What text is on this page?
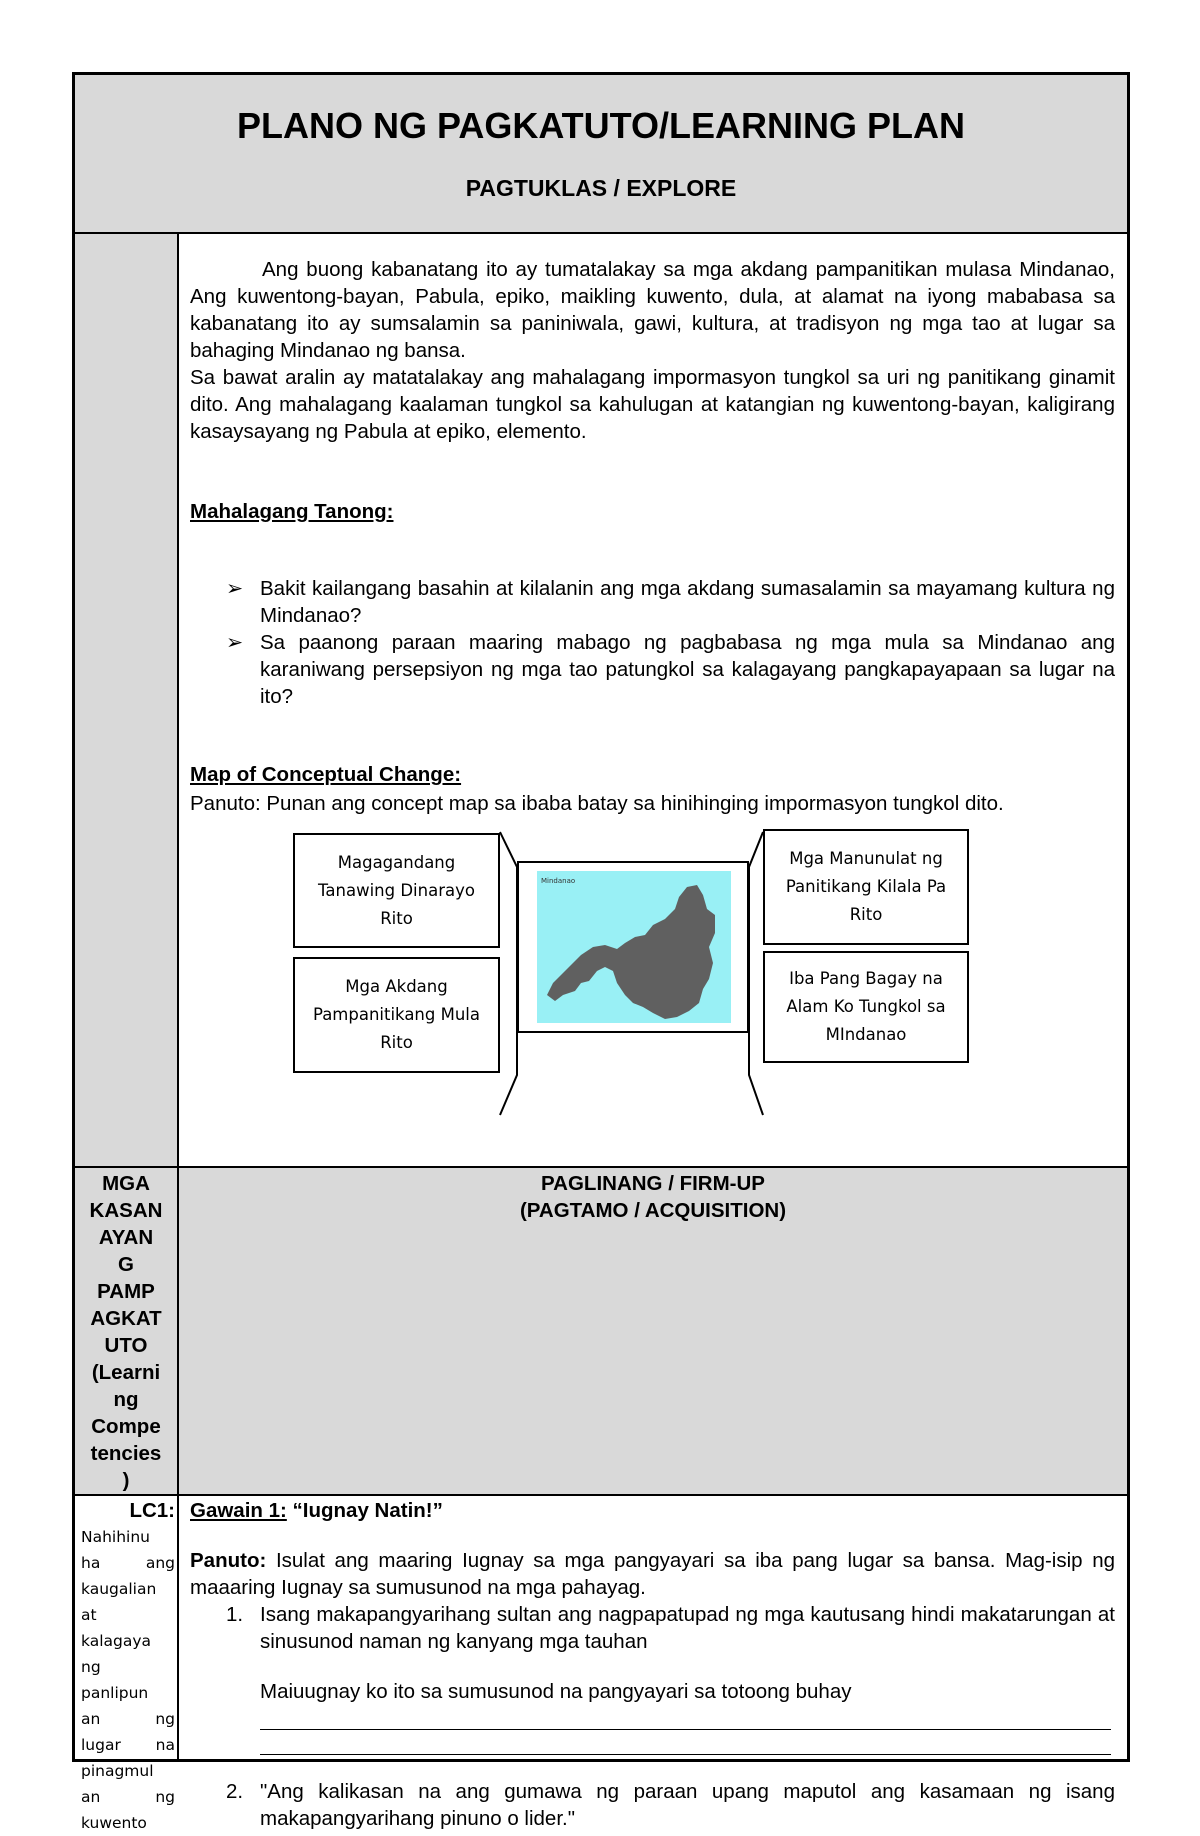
PLANO NG PAGKATUTO/LEARNING PLAN
PAGTUKLAS / EXPLORE
Ang buong kabanatang ito ay tumatalakay sa mga akdang pampanitikan mulasa Mindanao, Ang kuwentong-bayan, Pabula, epiko, maikling kuwento, dula, at alamat na iyong mababasa sa kabanatang ito ay sumsalamin sa paniniwala, gawi, kultura, at tradisyon ng mga tao at lugar sa bahaging Mindanao ng bansa.
Sa bawat aralin ay matatalakay ang mahalagang impormasyon tungkol sa uri ng panitikang ginamit dito. Ang mahalagang kaalaman tungkol sa kahulugan at katangian ng kuwentong-bayan, kaligirang kasaysayang ng Pabula at epiko, elemento.
Mahalagang Tanong:
➢ Bakit kailangang basahin at kilalanin ang mga akdang sumasalamin sa mayamang kultura ng Mindanao?
➢ Sa paanong paraan maaring mabago ng pagbabasa ng mga mula sa Mindanao ang karaniwang persepsiyon ng mga tao patungkol sa kalagayang pangkapayapaan sa lugar na ito?
Map of Conceptual Change:
Panuto: Punan ang concept map sa ibaba batay sa hinihinging impormasyon tungkol dito.
Magagandang Tanawing Dinarayo Rito
Mga Akdang Pampanitikang Mula Rito
Mga Manunulat ng Panitikang Kilala Pa Rito
Iba Pang Bagay na Alam Ko Tungkol sa MIndanao
Mindanao
MGA
KASAN
AYAN
G
PAMP
AGKAT
UTO
(Learni
ng
Compe
tencies
)
PAGLINANG / FIRM-UP
(PAGTAMO / ACQUISITION)
LC1:
Nahihinu
ha ang
kaugalian
at
kalagaya
ng
panlipun
an ng
lugar na
pinagmul
an ng
kuwento
Gawain 1: “Iugnay Natin!”
Panuto: Isulat ang maaring Iugnay sa mga pangyayari sa iba pang lugar sa bansa. Mag-isip ng maaaring Iugnay sa sumusunod na mga pahayag.
1. Isang makapangyarihang sultan ang nagpapatupad ng mga kautusang hindi makatarungan at sinusunod naman ng kanyang mga tauhan
Maiuugnay ko ito sa sumusunod na pangyayari sa totoong buhay
2. "Ang kalikasan na ang gumawa ng paraan upang maputol ang kasamaan ng isang makapangyarihang pinuno o lider."
